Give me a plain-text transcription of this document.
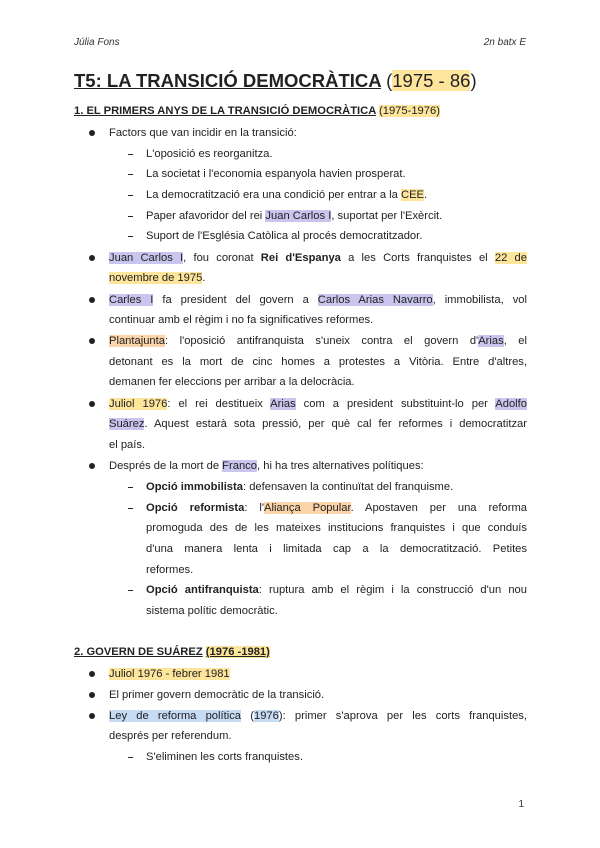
Júlia Fons	2n batx E
T5: LA TRANSICIÓ DEMOCRÀTICA (1975 - 86)
1. EL PRIMERS ANYS DE LA TRANSICIÓ DEMOCRÀTICA (1975-1976)
Factors que van incidir en la transició:
L'oposició es reorganitza.
La societat i l'economia espanyola havien prosperat.
La democratització era una condició per entrar a la CEE.
Paper afavoridor del rei Juan Carlos I, suportat per l'Exèrcit.
Suport de l'Església Catòlica al procés democratitzador.
Juan Carlos I, fou coronat Rei d'Espanya a les Corts franquistes el 22 de
novembre de 1975.
Carles I fa president del govern a Carlos Arias Navarro, immobilista, vol
continuar amb el règim i no fa significatives reformes.
Plantajunta: l'oposició antifranquista s'uneix contra el govern d'Arias, el
detonant es la mort de cinc homes a protestes a Vitòria. Entre d'altres,
demanen fer eleccions per arribar a la delocràcia.
Juliol 1976: el rei destitueix Arias com a president substituint-lo per Adolfo
Suárez. Aquest estarà sota pressió, per què cal fer reformes i democratitzar
el país.
Després de la mort de Franco, hi ha tres alternatives polítiques:
Opció immobilista: defensaven la continuïtat del franquisme.
Opció reformista: l'Aliança Popular. Apostaven per una reforma
promoguda des de les mateixes institucions franquistes i que conduís
d'una manera lenta i limitada cap a la democratització. Petites
reformes.
Opció antifranquista: ruptura amb el règim i la construcció d'un nou
sistema polític democràtic.
2. GOVERN DE SUÁREZ (1976 -1981)
Juliol 1976 - febrer 1981
El primer govern democràtic de la transició.
Ley de reforma política (1976): primer s'aprova per les corts franquistes,
després per referendum.
S'eliminen les corts franquistes.
1
